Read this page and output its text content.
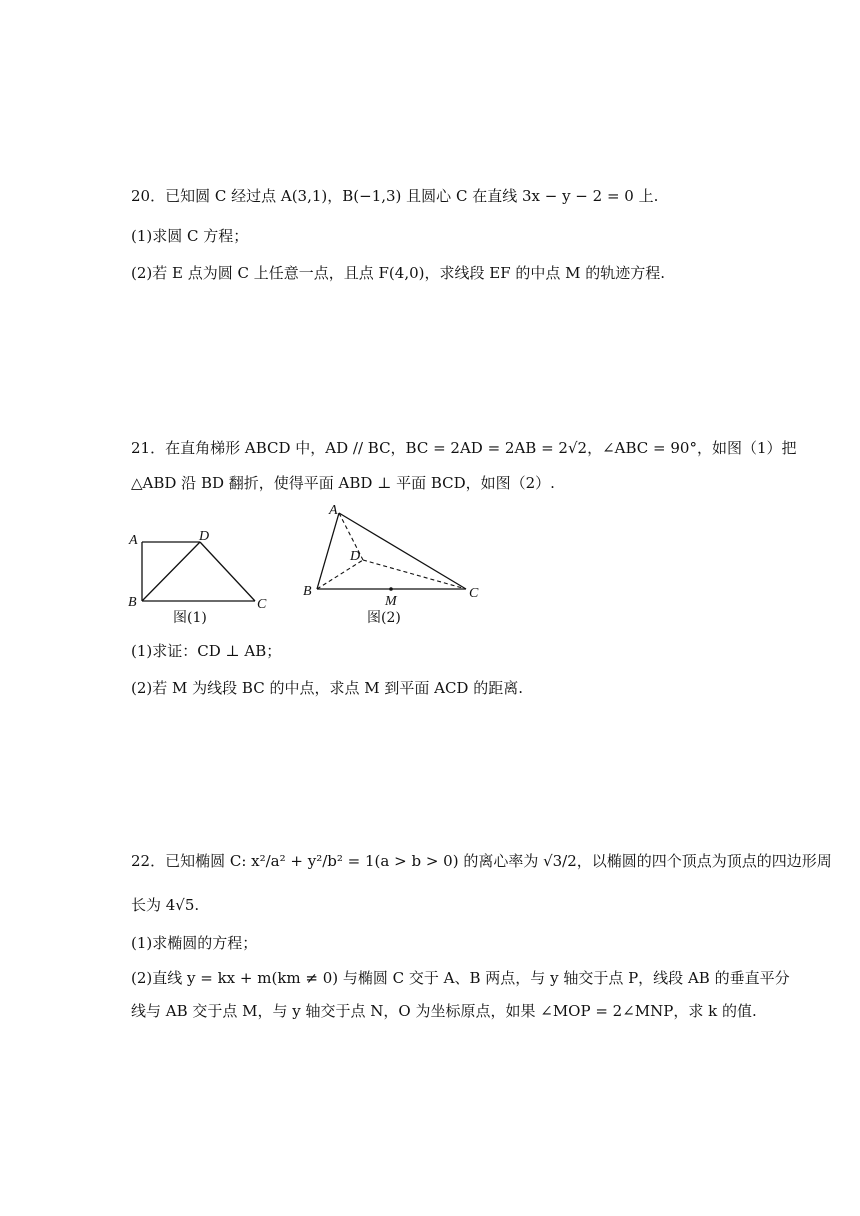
20．已知圆 C 经过点 A(3,1)，B(−1,3) 且圆心 C 在直线 3x − y − 2 = 0 上.
(1)求圆 C 方程；
(2)若 E 点为圆 C 上任意一点，且点 F(4,0)，求线段 EF 的中点 M 的轨迹方程.
21．在直角梯形 ABCD 中，AD // BC，BC = 2AD = 2AB = 2√2，∠ABC = 90°，如图（1）把
△ABD 沿 BD 翻折，使得平面 ABD ⊥ 平面 BCD，如图（2）.
A	D
B	C
图(1)
A
D
B
M
C
图(2)
(1)求证：CD ⊥ AB；
(2)若 M 为线段 BC 的中点，求点 M 到平面 ACD 的距离.
22．已知椭圆 C: x²/a² + y²/b² = 1(a > b > 0) 的离心率为 √3/2，以椭圆的四个顶点为顶点的四边形周
长为 4√5.
(1)求椭圆的方程；
(2)直线 y = kx + m(km ≠ 0) 与椭圆 C 交于 A、B 两点，与 y 轴交于点 P，线段 AB 的垂直平分
线与 AB 交于点 M，与 y 轴交于点 N，O 为坐标原点，如果 ∠MOP = 2∠MNP，求 k 的值.
